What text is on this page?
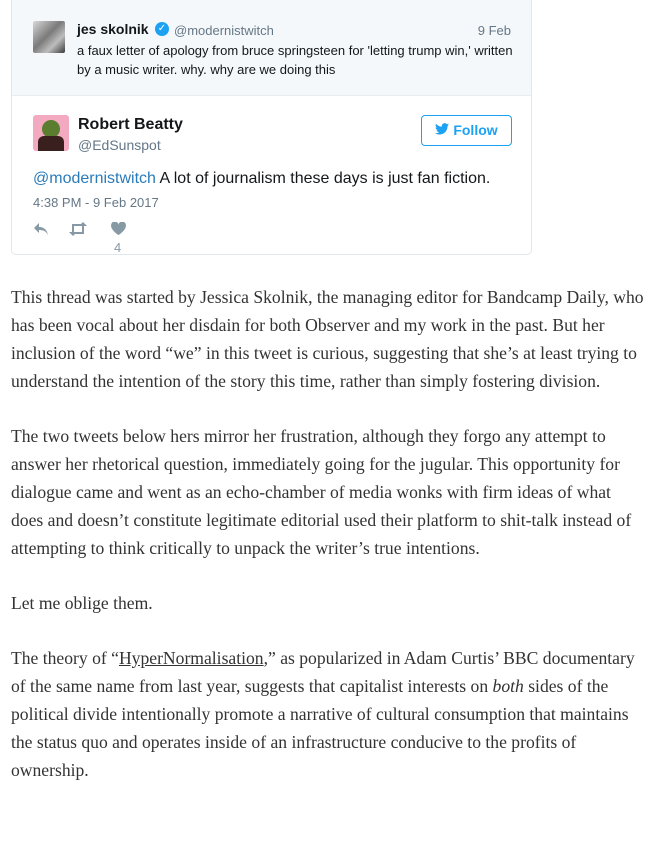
jes skolnik ✓ @modernistwitch	9 Feb
a faux letter of apology from bruce springsteen for 'letting trump win,' written by a music writer. why. why are we doing this
Robert Beatty
@EdSunspot
Follow
@modernistwitch A lot of journalism these days is just fan fiction.
4:38 PM - 9 Feb 2017
4

This thread was started by Jessica Skolnik, the managing editor for Bandcamp Daily, who has been vocal about her disdain for both Observer and my work in the past. But her inclusion of the word “we” in this tweet is curious, suggesting that she’s at least trying to understand the intention of the story this time, rather than simply fostering division.

The two tweets below hers mirror her frustration, although they forgo any attempt to answer her rhetorical question, immediately going for the jugular. This opportunity for dialogue came and went as an echo-chamber of media wonks with firm ideas of what does and doesn’t constitute legitimate editorial used their platform to shit-talk instead of attempting to think critically to unpack the writer’s true intentions.

Let me oblige them.

The theory of “HyperNormalisation,” as popularized in Adam Curtis’ BBC documentary of the same name from last year, suggests that capitalist interests on both sides of the political divide intentionally promote a narrative of cultural consumption that maintains the status quo and operates inside of an infrastructure conducive to the profits of ownership.
